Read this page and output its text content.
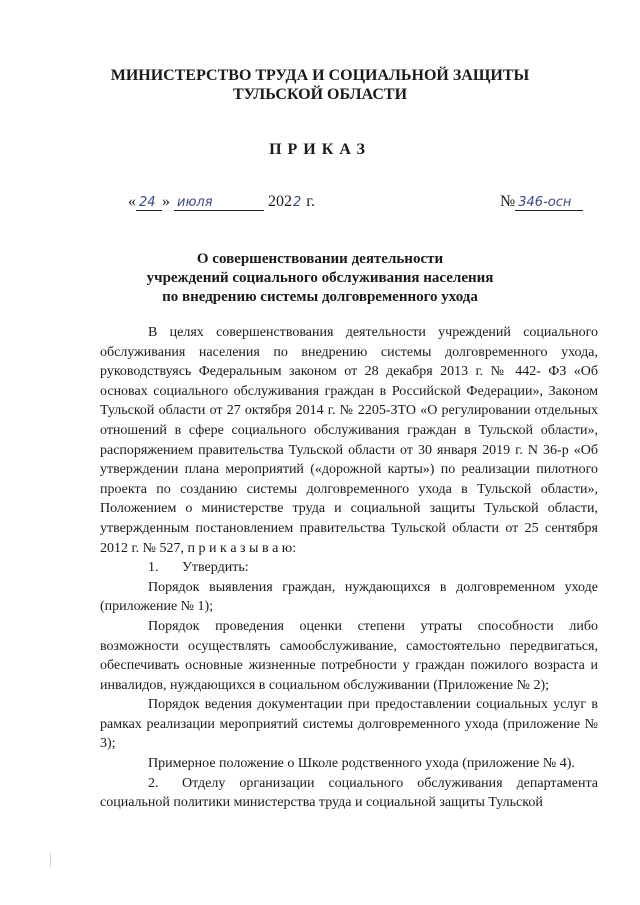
МИНИСТЕРСТВО ТРУДА И СОЦИАЛЬНОЙ ЗАЩИТЫ
ТУЛЬСКОЙ ОБЛАСТИ
ПРИКАЗ
« 24 » июля	2022 г.	№ 346-осн
О совершенствовании деятельности
учреждений социального обслуживания населения
по внедрению системы долговременного ухода

В целях совершенствования деятельности учреждений социального обслуживания населения по внедрению системы долговременного ухода, руководствуясь Федеральным законом от 28 декабря 2013 г. № 442- ФЗ «Об основах социального обслуживания граждан в Российской Федерации», Законом Тульской области от 27 октября 2014 г. № 2205-ЗТО «О регулировании отдельных отношений в сфере социального обслуживания граждан в Тульской области», распоряжением правительства Тульской области от 30 января 2019 г. N 36-р «Об утверждении плана мероприятий («дорожной карты») по реализации пилотного проекта по созданию системы долговременного ухода в Тульской области», Положением о министерстве труда и социальной защиты Тульской области, утвержденным постановлением правительства Тульской области от 25 сентября 2012 г. № 527, п р и к а з ы в а ю:

1. Утвердить:

Порядок выявления граждан, нуждающихся в долговременном уходе (приложение № 1);

Порядок проведения оценки степени утраты способности либо возможности осуществлять самообслуживание, самостоятельно передвигаться, обеспечивать основные жизненные потребности у граждан пожилого возраста и инвалидов, нуждающихся в социальном обслуживании (Приложение № 2);

Порядок ведения документации при предоставлении социальных услуг в рамках реализации мероприятий системы долговременного ухода (приложение № 3);

Примерное положение о Школе родственного ухода (приложение № 4).

2. Отделу организации социального обслуживания департамента социальной политики министерства труда и социальной защиты Тульской
